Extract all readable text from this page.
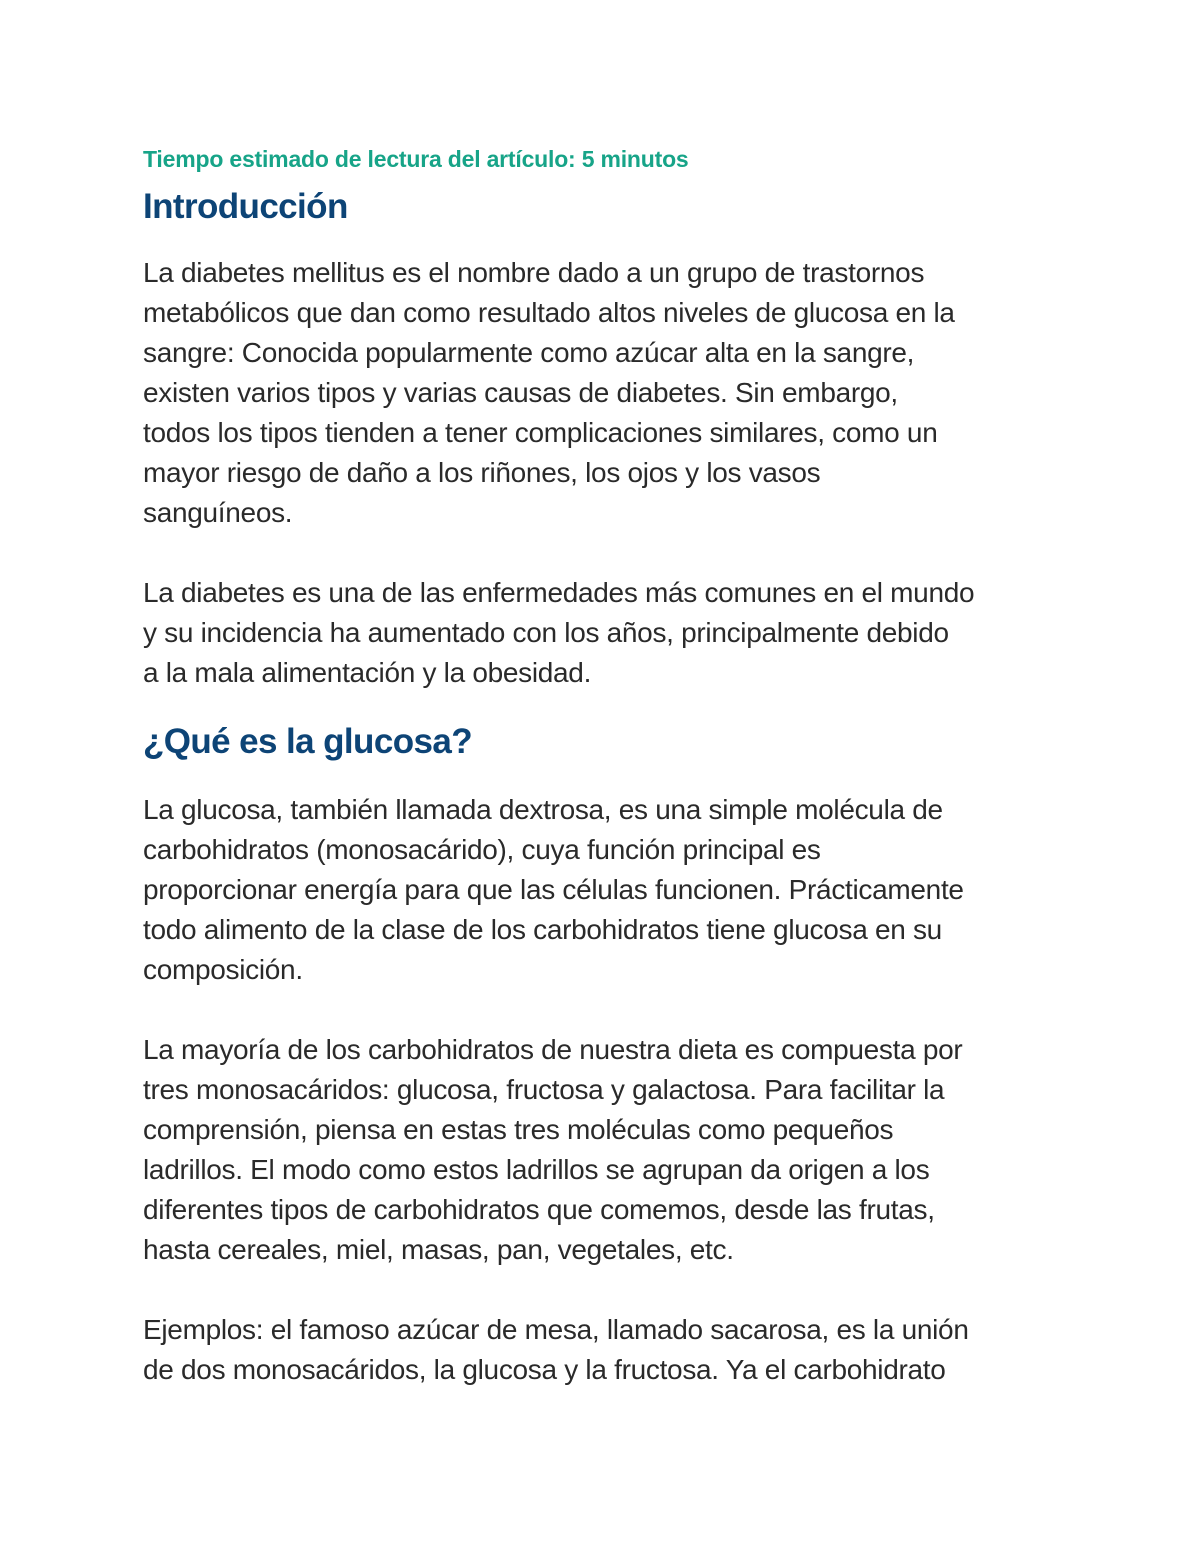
Tiempo estimado de lectura del artículo: 5 minutos
Introducción

La diabetes mellitus es el nombre dado a un grupo de trastornos
metabólicos que dan como resultado altos niveles de glucosa en la
sangre: Conocida popularmente como azúcar alta en la sangre,
existen varios tipos y varias causas de diabetes. Sin embargo,
todos los tipos tienden a tener complicaciones similares, como un
mayor riesgo de daño a los riñones, los ojos y los vasos
sanguíneos.

La diabetes es una de las enfermedades más comunes en el mundo
y su incidencia ha aumentado con los años, principalmente debido
a la mala alimentación y la obesidad.

¿Qué es la glucosa?

La glucosa, también llamada dextrosa, es una simple molécula de
carbohidratos (monosacárido), cuya función principal es
proporcionar energía para que las células funcionen. Prácticamente
todo alimento de la clase de los carbohidratos tiene glucosa en su
composición.

La mayoría de los carbohidratos de nuestra dieta es compuesta por
tres monosacáridos: glucosa, fructosa y galactosa. Para facilitar la
comprensión, piensa en estas tres moléculas como pequeños
ladrillos. El modo como estos ladrillos se agrupan da origen a los
diferentes tipos de carbohidratos que comemos, desde las frutas,
hasta cereales, miel, masas, pan, vegetales, etc.

Ejemplos: el famoso azúcar de mesa, llamado sacarosa, es la unión
de dos monosacáridos, la glucosa y la fructosa. Ya el carbohidrato
